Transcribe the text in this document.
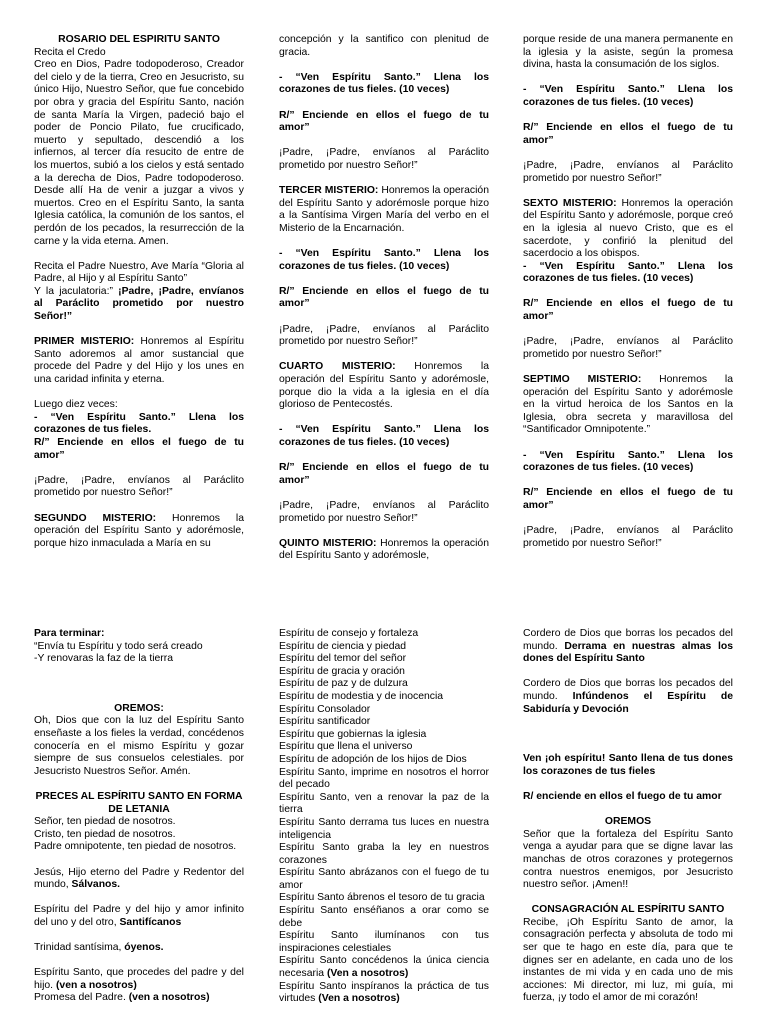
ROSARIO DEL ESPIRITU SANTO

Recita el Credo

Creo en Dios, Padre todopoderoso, Creador del cielo y de la tierra, Creo en Jesucristo, su único Hijo, Nuestro Señor, que fue concebido por obra y gracia del Espíritu Santo, nación de santa María la Virgen, padeció bajo el poder de Poncio Pilato, fue crucificado, muerto y sepultado, descendió a los infiernos, al tercer día resucito de entre de los muertos, subió a los cielos y está sentado a la derecha de Dios, Padre todopoderoso. Desde allí Ha de venir a juzgar a vivos y muertos. Creo en el Espíritu Santo, la santa Iglesia católica, la comunión de los santos, el perdón de los pecados, la resurrección de la carne y la vida eterna. Amen.

Recita el Padre Nuestro, Ave María “Gloria al Padre, al Hijo y al Espíritu Santo”

Y la jaculatoria:” ¡Padre, ¡Padre, envíanos al Paráclito prometido por nuestro Señor!”

PRIMER MISTERIO: Honremos al Espíritu Santo adoremos al amor sustancial que procede del Padre y del Hijo y los unes en una caridad infinita y eterna.

Luego diez veces:

- “Ven Espíritu Santo.” Llena los corazones de tus fieles.

R/” Enciende en ellos el fuego de tu amor”

¡Padre, ¡Padre, envíanos al Paráclito prometido por nuestro Señor!”

SEGUNDO MISTERIO: Honremos la operación del Espíritu Santo y adorémosle, porque hizo inmaculada a María en su

concepción y la santifico con plenitud de gracia.

- “Ven Espíritu Santo.” Llena los corazones de tus fieles. (10 veces)

R/” Enciende en ellos el fuego de tu amor”

¡Padre, ¡Padre, envíanos al Paráclito prometido por nuestro Señor!”

TERCER MISTERIO: Honremos la operación del Espíritu Santo y adorémosle porque hizo a la Santísima Virgen María del verbo en el Misterio de la Encarnación.

- “Ven Espíritu Santo.” Llena los corazones de tus fieles. (10 veces)

R/” Enciende en ellos el fuego de tu amor”

¡Padre, ¡Padre, envíanos al Paráclito prometido por nuestro Señor!”

CUARTO MISTERIO: Honremos la operación del Espíritu Santo y adorémosle, porque dio la vida a la iglesia en el día glorioso de Pentecostés.

- “Ven Espíritu Santo.” Llena los corazones de tus fieles. (10 veces)

R/” Enciende en ellos el fuego de tu amor”

¡Padre, ¡Padre, envíanos al Paráclito prometido por nuestro Señor!”

QUINTO MISTERIO: Honremos la operación del Espíritu Santo y adorémosle,

porque reside de una manera permanente en la iglesia y la asiste, según la promesa divina, hasta la consumación de los siglos.

- “Ven Espíritu Santo.” Llena los corazones de tus fieles. (10 veces)

R/” Enciende en ellos el fuego de tu amor”

¡Padre, ¡Padre, envíanos al Paráclito prometido por nuestro Señor!”

SEXTO MISTERIO: Honremos la operación del Espíritu Santo y adorémosle, porque creó en la iglesia al nuevo Cristo, que es el sacerdote, y confirió la plenitud del sacerdocio a los obispos.

- “Ven Espíritu Santo.” Llena los corazones de tus fieles. (10 veces)

R/” Enciende en ellos el fuego de tu amor”

¡Padre, ¡Padre, envíanos al Paráclito prometido por nuestro Señor!”

SEPTIMO MISTERIO: Honremos la operación del Espíritu Santo y adorémosle en la virtud heroica de los Santos en la Iglesia, obra secreta y maravillosa del “Santificador Omnipotente.”

- “Ven Espíritu Santo.” Llena los corazones de tus fieles. (10 veces)

R/” Enciende en ellos el fuego de tu amor”

¡Padre, ¡Padre, envíanos al Paráclito prometido por nuestro Señor!”

Para terminar:

“Envía tu Espíritu y todo será creado

-Y renovaras la faz de la tierra

OREMOS:

Oh, Dios que con la luz del Espíritu Santo enseñaste a los fieles la verdad, concédenos conocería en el mismo Espíritu y gozar siempre de sus consuelos celestiales. por Jesucristo Nuestros Señor. Amén.

PRECES AL ESPÍRITU SANTO EN FORMA DE LETANIA

Señor, ten piedad de nosotros.

Cristo, ten piedad de nosotros.

Padre omnipotente, ten piedad de nosotros.

Jesús, Hijo eterno del Padre y Redentor del mundo, Sálvanos.

Espíritu del Padre y del hijo y amor infinito del uno y del otro, Santifícanos

Trinidad santísima, óyenos.

Espíritu Santo, que procedes del padre y del hijo. (ven a nosotros)

Promesa del Padre. (ven a nosotros)

Espíritu de consejo y fortaleza

Espíritu de ciencia y piedad

Espíritu del temor del señor

Espíritu de gracia y oración

Espíritu de paz y de dulzura

Espíritu de modestia y de inocencia

Espíritu Consolador

Espíritu santificador

Espíritu que gobiernas la iglesia

Espíritu que llena el universo

Espíritu de adopción de los hijos de Dios

Espíritu Santo, imprime en nosotros el horror del pecado

Espíritu Santo, ven a renovar la paz de la tierra

Espíritu Santo derrama tus luces en nuestra inteligencia

Espíritu Santo graba la ley en nuestros corazones

Espíritu Santo abrázanos con el fuego de tu amor

Espíritu Santo ábrenos el tesoro de tu gracia

Espíritu Santo enséñanos a orar como se debe

Espíritu Santo ilumínanos con tus inspiraciones celestiales

Espíritu Santo concédenos la única ciencia necesaria (Ven a nosotros)

Espíritu Santo inspíranos la práctica de tus virtudes (Ven a nosotros)

Cordero de Dios que borras los pecados del mundo. Derrama en nuestras almas los dones del Espíritu Santo

Cordero de Dios que borras los pecados del mundo. Infúndenos el Espíritu de Sabiduría y Devoción

Ven ¡oh espíritu! Santo llena de tus dones los corazones de tus fieles

R/ enciende en ellos el fuego de tu amor

OREMOS

Señor que la fortaleza del Espíritu Santo venga a ayudar para que se digne lavar las manchas de otros corazones y protegernos contra nuestros enemigos, por Jesucristo nuestro señor. ¡Amen!!

CONSAGRACIÓN AL ESPÍRITU SANTO

Recibe, ¡Oh Espíritu Santo de amor, la consagración perfecta y absoluta de todo mi ser que te hago en este día, para que te dignes ser en adelante, en cada uno de los instantes de mi vida y en cada uno de mis acciones: Mi director, mi luz, mi guía, mi fuerza, ¡y todo el amor de mi corazón!
